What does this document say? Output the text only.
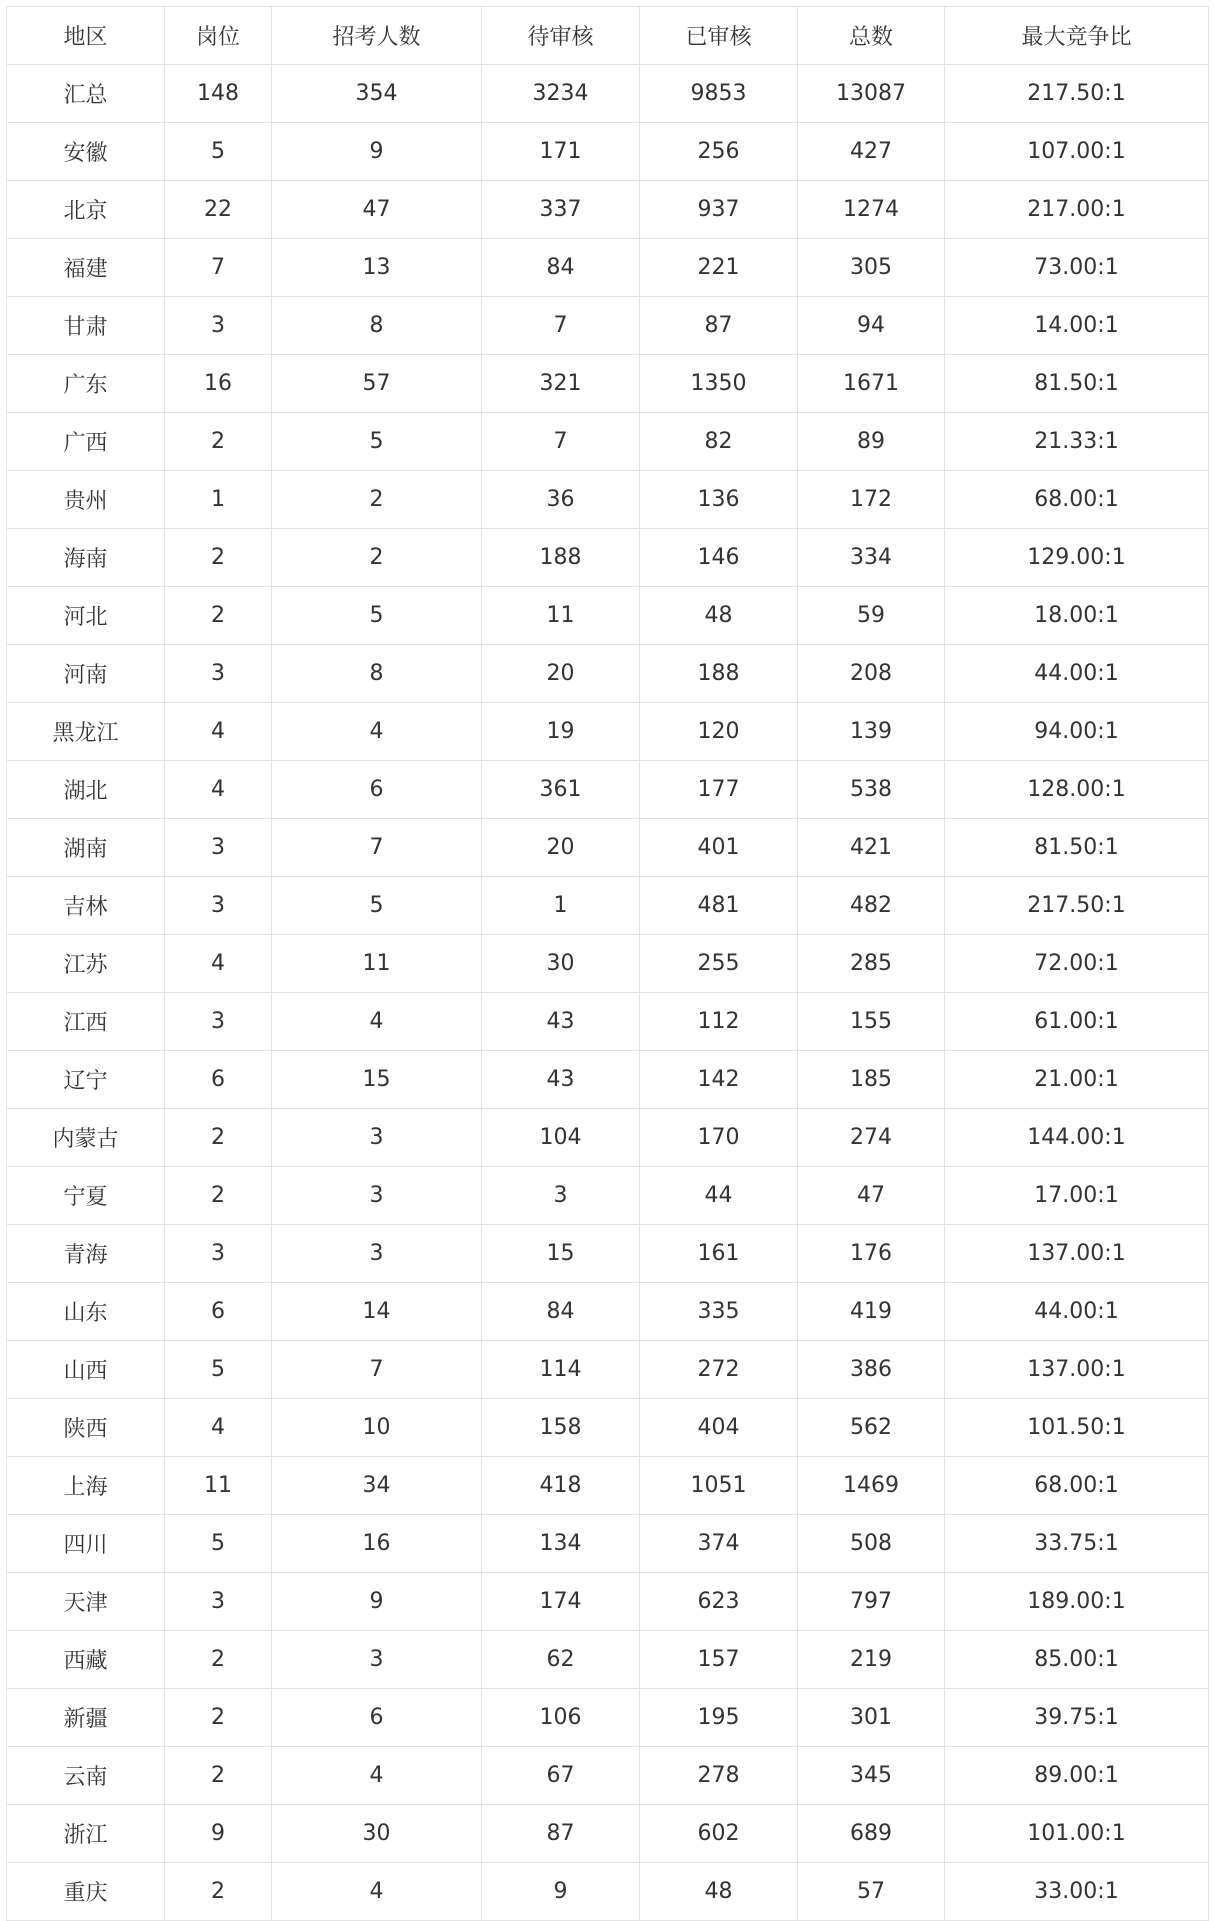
地区	岗位	招考人数	待审核	已审核	总数	最大竞争比
汇总	148	354	3234	9853	13087	217.50:1
安徽	5	9	171	256	427	107.00:1
北京	22	47	337	937	1274	217.00:1
福建	7	13	84	221	305	73.00:1
甘肃	3	8	7	87	94	14.00:1
广东	16	57	321	1350	1671	81.50:1
广西	2	5	7	82	89	21.33:1
贵州	1	2	36	136	172	68.00:1
海南	2	2	188	146	334	129.00:1
河北	2	5	11	48	59	18.00:1
河南	3	8	20	188	208	44.00:1
黑龙江	4	4	19	120	139	94.00:1
湖北	4	6	361	177	538	128.00:1
湖南	3	7	20	401	421	81.50:1
吉林	3	5	1	481	482	217.50:1
江苏	4	11	30	255	285	72.00:1
江西	3	4	43	112	155	61.00:1
辽宁	6	15	43	142	185	21.00:1
内蒙古	2	3	104	170	274	144.00:1
宁夏	2	3	3	44	47	17.00:1
青海	3	3	15	161	176	137.00:1
山东	6	14	84	335	419	44.00:1
山西	5	7	114	272	386	137.00:1
陕西	4	10	158	404	562	101.50:1
上海	11	34	418	1051	1469	68.00:1
四川	5	16	134	374	508	33.75:1
天津	3	9	174	623	797	189.00:1
西藏	2	3	62	157	219	85.00:1
新疆	2	6	106	195	301	39.75:1
云南	2	4	67	278	345	89.00:1
浙江	9	30	87	602	689	101.00:1
重庆	2	4	9	48	57	33.00:1
